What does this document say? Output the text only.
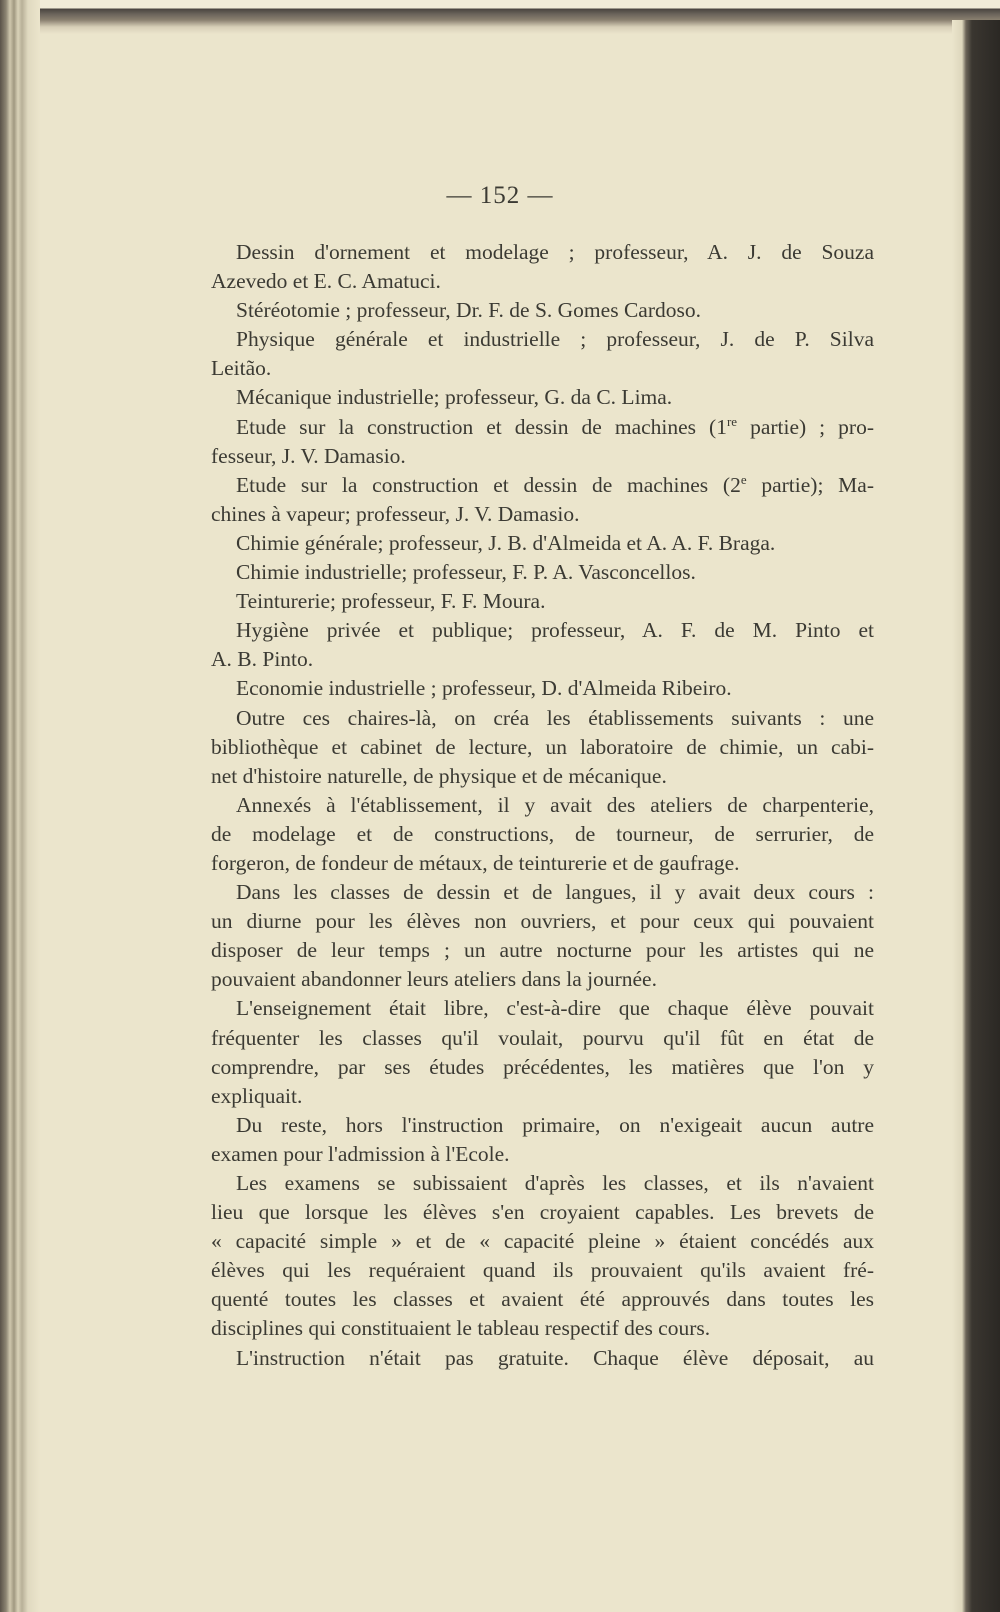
— 152 —
Dessin d'ornement et modelage ; professeur, A. J. de Souza
Azevedo et E. C. Amatuci.
Stéréotomie ; professeur, Dr. F. de S. Gomes Cardoso.
Physique générale et industrielle ; professeur, J. de P. Silva
Leitão.
Mécanique industrielle; professeur, G. da C. Lima.
Etude sur la construction et dessin de machines (1re partie) ; pro-
fesseur, J. V. Damasio.
Etude sur la construction et dessin de machines (2e partie); Ma-
chines à vapeur; professeur, J. V. Damasio.
Chimie générale; professeur, J. B. d'Almeida et A. A. F. Braga.
Chimie industrielle; professeur, F. P. A. Vasconcellos.
Teinturerie; professeur, F. F. Moura.
Hygiène privée et publique; professeur, A. F. de M. Pinto et
A. B. Pinto.
Economie industrielle ; professeur, D. d'Almeida Ribeiro.
Outre ces chaires-là, on créa les établissements suivants : une
bibliothèque et cabinet de lecture, un laboratoire de chimie, un cabi-
net d'histoire naturelle, de physique et de mécanique.
Annexés à l'établissement, il y avait des ateliers de charpenterie,
de modelage et de constructions, de tourneur, de serrurier, de
forgeron, de fondeur de métaux, de teinturerie et de gaufrage.
Dans les classes de dessin et de langues, il y avait deux cours :
un diurne pour les élèves non ouvriers, et pour ceux qui pouvaient
disposer de leur temps ; un autre nocturne pour les artistes qui ne
pouvaient abandonner leurs ateliers dans la journée.
L'enseignement était libre, c'est-à-dire que chaque élève pouvait
fréquenter les classes qu'il voulait, pourvu qu'il fût en état de
comprendre, par ses études précédentes, les matières que l'on y
expliquait.
Du reste, hors l'instruction primaire, on n'exigeait aucun autre
examen pour l'admission à l'Ecole.
Les examens se subissaient d'après les classes, et ils n'avaient
lieu que lorsque les élèves s'en croyaient capables. Les brevets de
« capacité simple » et de « capacité pleine » étaient concédés aux
élèves qui les requéraient quand ils prouvaient qu'ils avaient fré-
quenté toutes les classes et avaient été approuvés dans toutes les
disciplines qui constituaient le tableau respectif des cours.
L'instruction n'était pas gratuite. Chaque élève déposait, au
